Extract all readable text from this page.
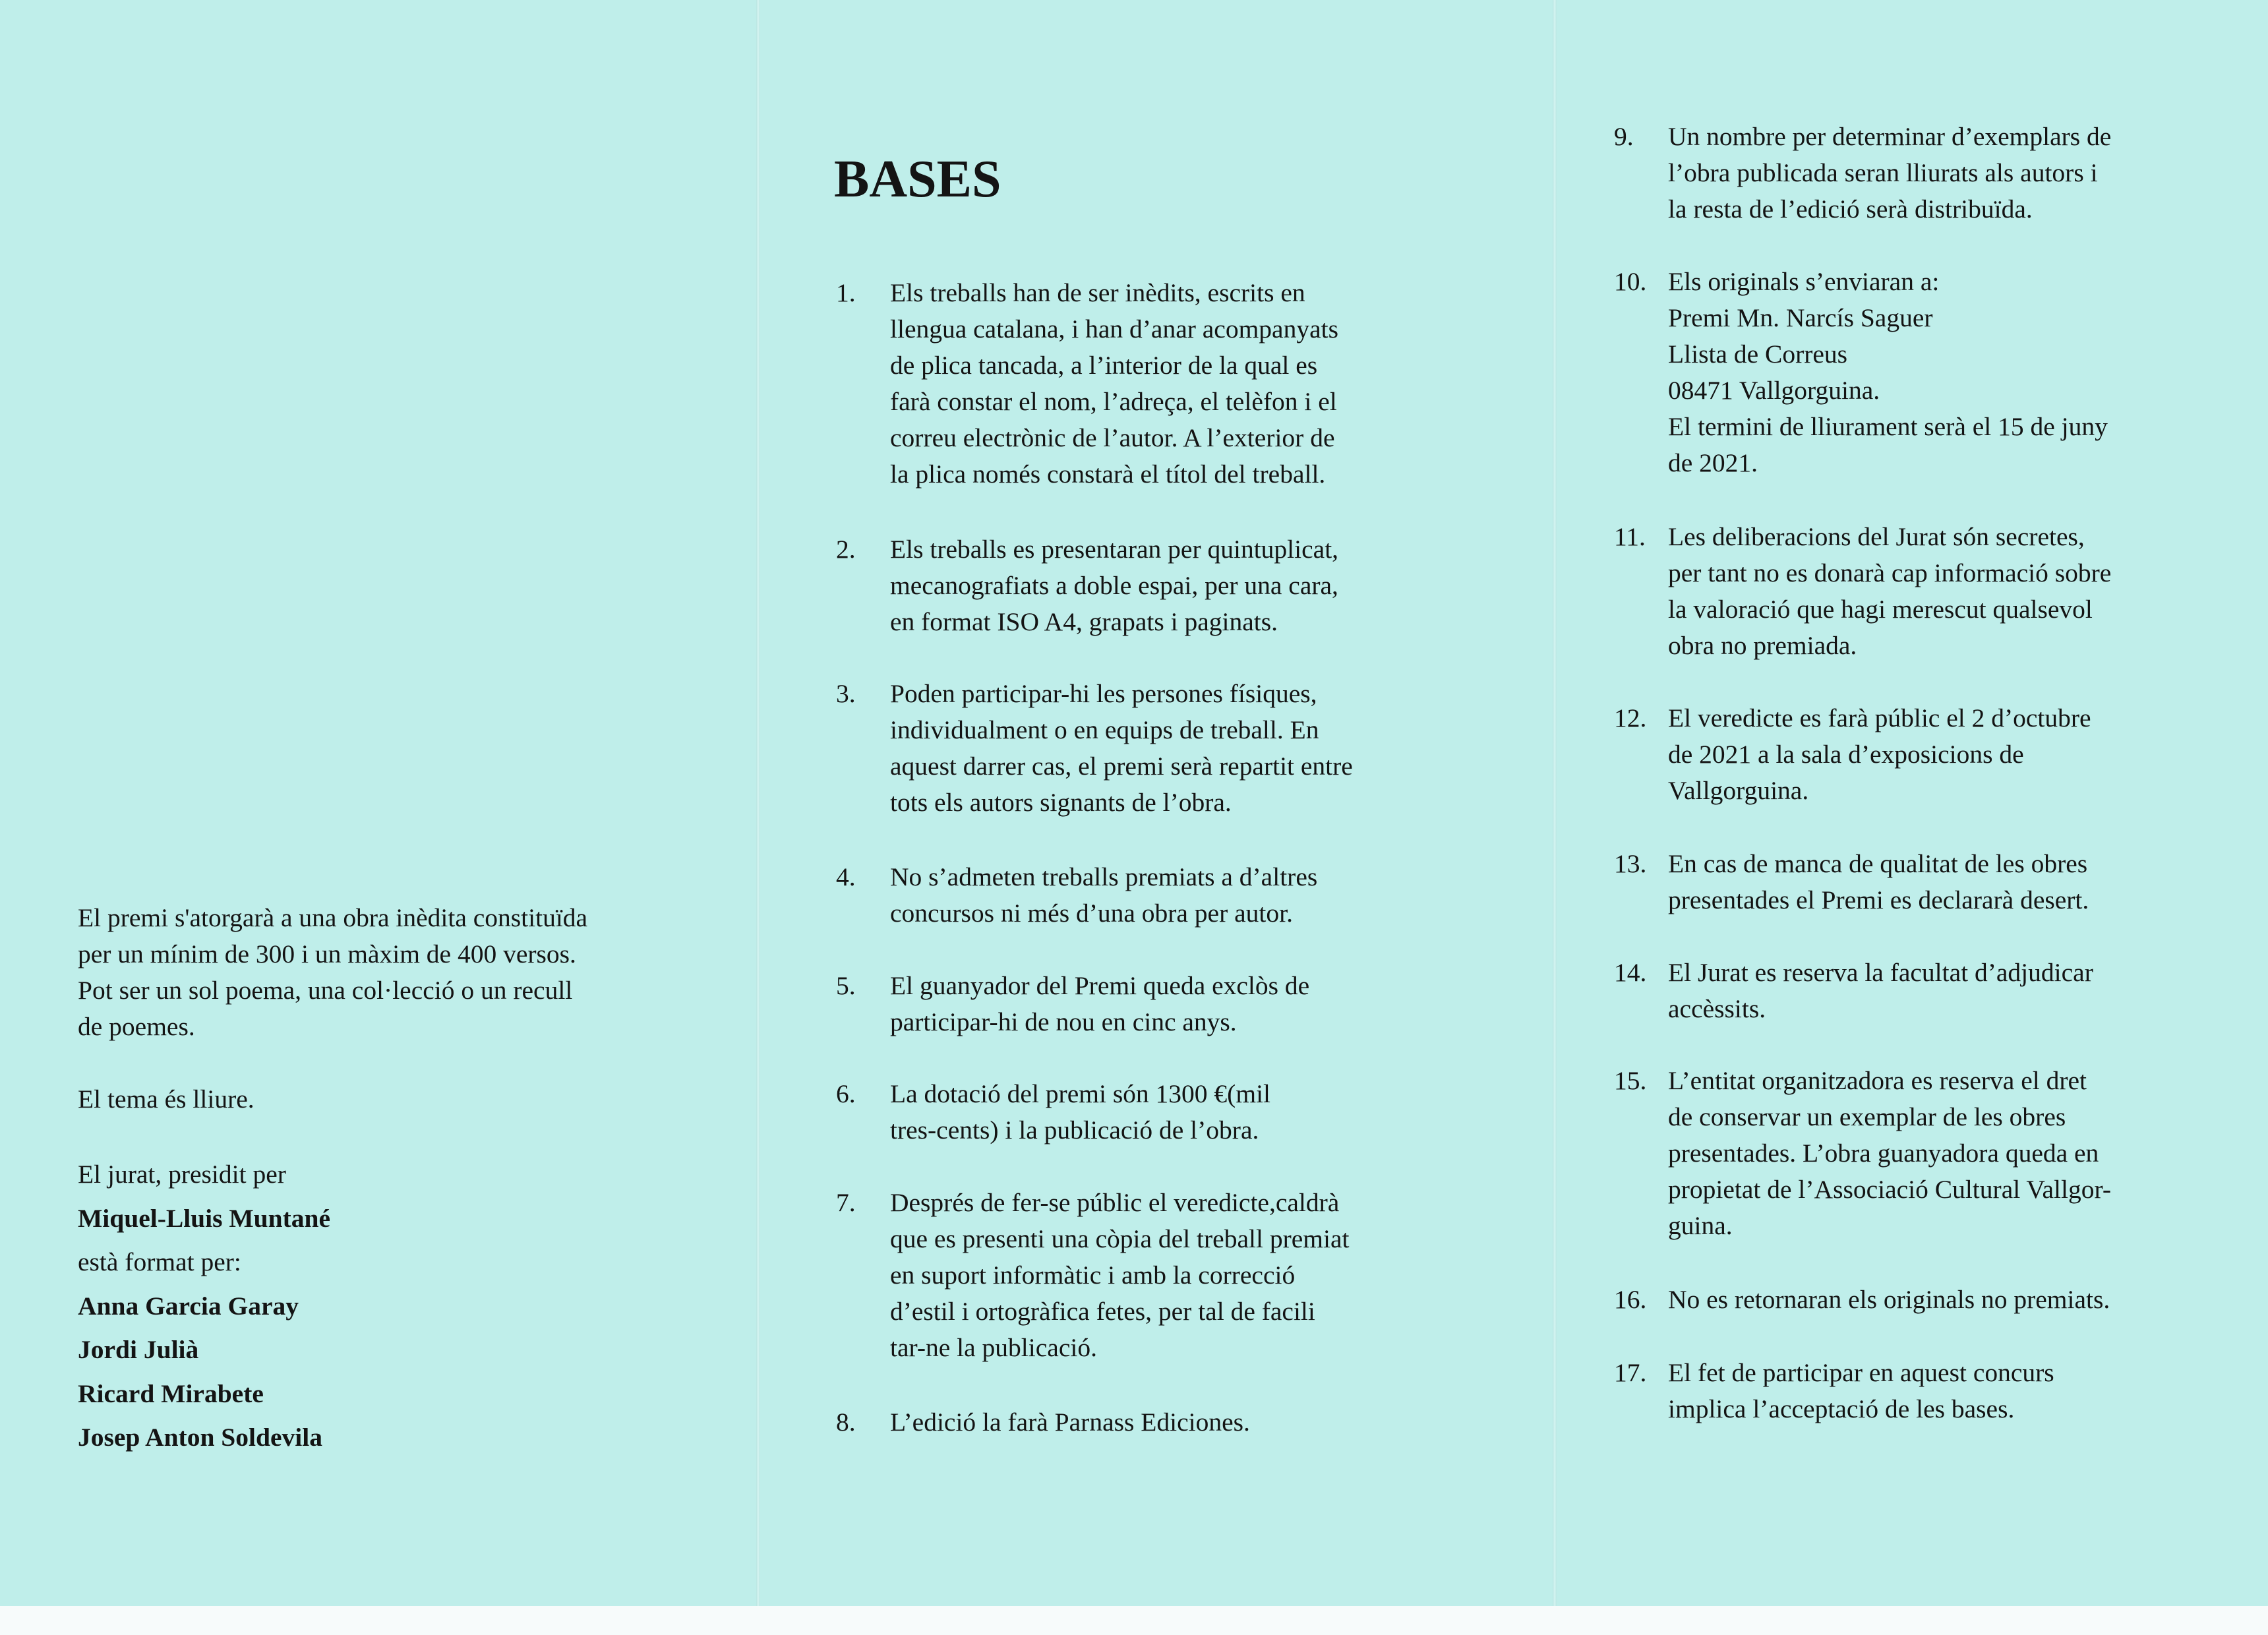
El premi s'atorgarà a una obra inèdita constituïda

per un mínim de 300 i un màxim de 400 versos.

Pot ser un sol poema, una col·lecció o un recull

de poemes.

El tema és lliure.

El jurat, presidit per
Miquel-Lluis Muntané
està format per:
Anna Garcia Garay
Jordi Julià
Ricard Mirabete
Josep Anton Soldevila
BASES
1.	Els treballs han de ser inèdits, escrits en
llengua catalana, i han d’anar acompanyats
de plica tancada, a l’interior de la qual es
farà constar el nom, l’adreça, el telèfon i el
correu electrònic de l’autor. A l’exterior de
la plica només constarà el títol del treball.
2.	Els treballs es presentaran per quintuplicat,
mecanografiats a doble espai, per una cara,
en format ISO A4, grapats i paginats.
3.	Poden participar-hi les persones físiques,
individualment o en equips de treball. En
aquest darrer cas, el premi serà repartit entre
tots els autors signants de l’obra.
4.	No s’admeten treballs premiats a d’altres
concursos ni més d’una obra per autor.
5.	El guanyador del Premi queda exclòs de
participar-hi de nou en cinc anys.
6.	La dotació del premi són 1300 €(mil
tres-cents) i la publicació de l’obra.
7.	Després de fer-se públic el veredicte,caldrà
que es presenti una còpia del treball premiat
en suport informàtic i amb la correcció
d’estil i ortogràfica fetes, per tal de facili
tar-ne la publicació.
8.	L’edició la farà Parnass Ediciones.
9.	Un nombre per determinar d’exemplars de
l’obra publicada seran lliurats als autors i
la resta de l’edició serà distribuïda.
10. Els originals s’enviaran a:
Premi Mn. Narcís Saguer
Llista de Correus
08471 Vallgorguina.
El termini de lliurament serà el 15 de juny
de 2021.
11. Les deliberacions del Jurat són secretes,
per tant no es donarà cap informació sobre
la valoració que hagi merescut qualsevol
obra no premiada.
12. El veredicte es farà públic el 2 d’octubre
de 2021 a la sala d’exposicions de
Vallgorguina.
13. En cas de manca de qualitat de les obres
presentades el Premi es declararà desert.
14. El Jurat es reserva la facultat d’adjudicar
accèssits.
15. L’entitat organitzadora es reserva el dret
de conservar un exemplar de les obres
presentades. L’obra guanyadora queda en
propietat de l’Associació Cultural Vallgor-
guina.
16. No es retornaran els originals no premiats.
17. El fet de participar en aquest concurs
implica l’acceptació de les bases.
